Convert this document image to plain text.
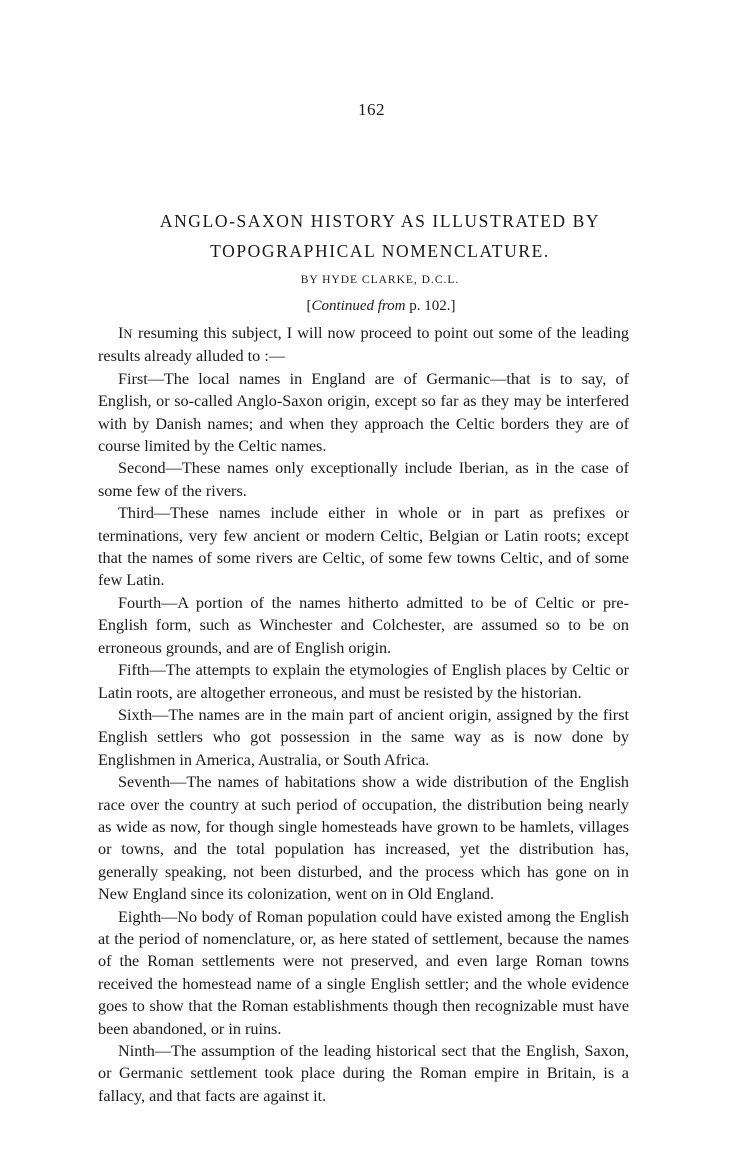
162
ANGLO-SAXON HISTORY AS ILLUSTRATED BY
TOPOGRAPHICAL NOMENCLATURE.
BY HYDE CLARKE, D.C.L.
[Continued from p. 102.]

IN resuming this subject, I will now proceed to point out some of the leading results already alluded to :—

First—The local names in England are of Germanic—that is to say, of English, or so-called Anglo-Saxon origin, except so far as they may be interfered with by Danish names; and when they approach the Celtic borders they are of course limited by the Celtic names.

Second—These names only exceptionally include Iberian, as in the case of some few of the rivers.

Third—These names include either in whole or in part as prefixes or terminations, very few ancient or modern Celtic, Belgian or Latin roots; except that the names of some rivers are Celtic, of some few towns Celtic, and of some few Latin.

Fourth—A portion of the names hitherto admitted to be of Celtic or pre-English form, such as Winchester and Colchester, are assumed so to be on erroneous grounds, and are of English origin.

Fifth—The attempts to explain the etymologies of English places by Celtic or Latin roots, are altogether erroneous, and must be resisted by the historian.

Sixth—The names are in the main part of ancient origin, assigned by the first English settlers who got possession in the same way as is now done by Englishmen in America, Australia, or South Africa.

Seventh—The names of habitations show a wide distribution of the English race over the country at such period of occupation, the distribution being nearly as wide as now, for though single homesteads have grown to be hamlets, villages or towns, and the total population has increased, yet the distribution has, generally speaking, not been disturbed, and the process which has gone on in New England since its colonization, went on in Old England.

Eighth—No body of Roman population could have existed among the English at the period of nomenclature, or, as here stated of settlement, because the names of the Roman settlements were not preserved, and even large Roman towns received the homestead name of a single English settler; and the whole evidence goes to show that the Roman establishments though then recognizable must have been abandoned, or in ruins.

Ninth—The assumption of the leading historical sect that the English, Saxon, or Germanic settlement took place during the Roman empire in Britain, is a fallacy, and that facts are against it.
